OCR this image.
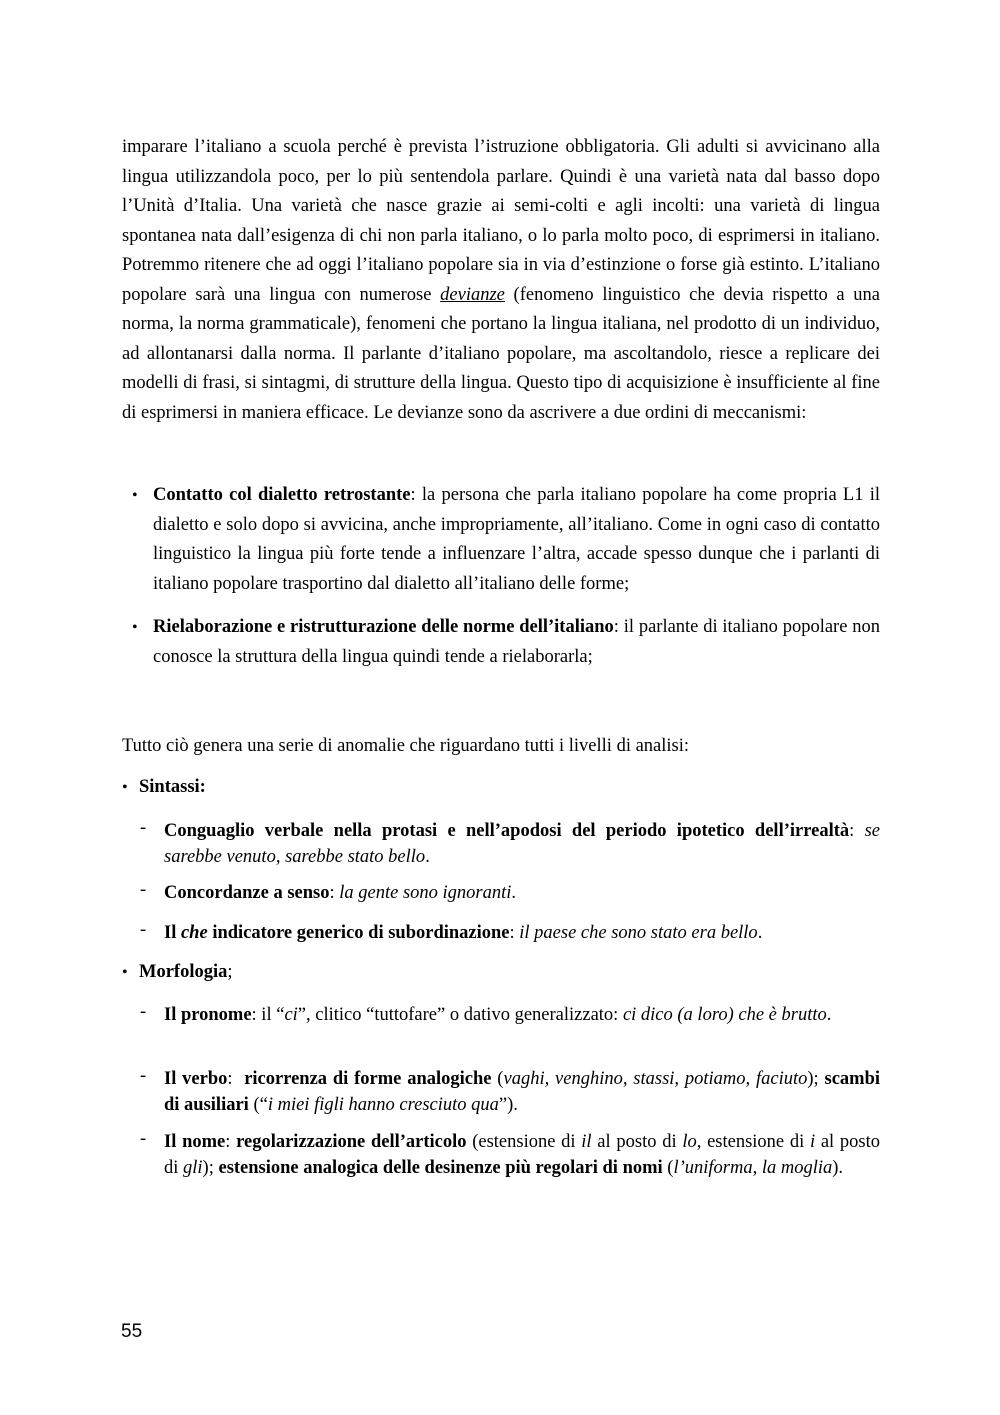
imparare l’italiano a scuola perché è prevista l’istruzione obbligatoria. Gli adulti si avvicinano alla lingua utilizzandola poco, per lo più sentendola parlare. Quindi è una varietà nata dal basso dopo l’Unità d’Italia. Una varietà che nasce grazie ai semi-colti e agli incolti: una varietà di lingua spontanea nata dall’esigenza di chi non parla italiano, o lo parla molto poco, di esprimersi in italiano. Potremmo ritenere che ad oggi l’italiano popolare sia in via d’estinzione o forse già estinto. L’italiano popolare sarà una lingua con numerose devianze (fenomeno linguistico che devia rispetto a una norma, la norma grammaticale), fenomeni che portano la lingua italiana, nel prodotto di un individuo, ad allontanarsi dalla norma. Il parlante d’italiano popolare, ma ascoltandolo, riesce a replicare dei modelli di frasi, si sintagmi, di strutture della lingua. Questo tipo di acquisizione è insufficiente al fine di esprimersi in maniera efficace. Le devianze sono da ascrivere a due ordini di meccanismi:

• Contatto col dialetto retrostante: la persona che parla italiano popolare ha come propria L1 il dialetto e solo dopo si avvicina, anche impropriamente, all’italiano. Come in ogni caso di contatto linguistico la lingua più forte tende a influenzare l’altra, accade spesso dunque che i parlanti di italiano popolare trasportino dal dialetto all’italiano delle forme;
• Rielaborazione e ristrutturazione delle norme dell’italiano: il parlante di italiano popolare non conosce la struttura della lingua quindi tende a rielaborarla;
Tutto ciò genera una serie di anomalie che riguardano tutti i livelli di analisi:
• Sintassi:
- Conguaglio verbale nella protasi e nell’apodosi del periodo ipotetico dell’irrealtà: se sarebbe venuto, sarebbe stato bello.
- Concordanze a senso: la gente sono ignoranti.
- Il che indicatore generico di subordinazione: il paese che sono stato era bello.
• Morfologia;
- Il pronome: il “ci”, clitico “tuttofare” o dativo generalizzato: ci dico (a loro) che è brutto.
- Il verbo:  ricorrenza di forme analogiche (vaghi, venghino, stassi, potiamo, faciuto); scambi di ausiliari (“i miei figli hanno cresciuto qua”).
- Il nome: regolarizzazione dell’articolo (estensione di il al posto di lo, estensione di i al posto di gli); estensione analogica delle desinenze più regolari di nomi (l’uniforma, la moglia).
55
